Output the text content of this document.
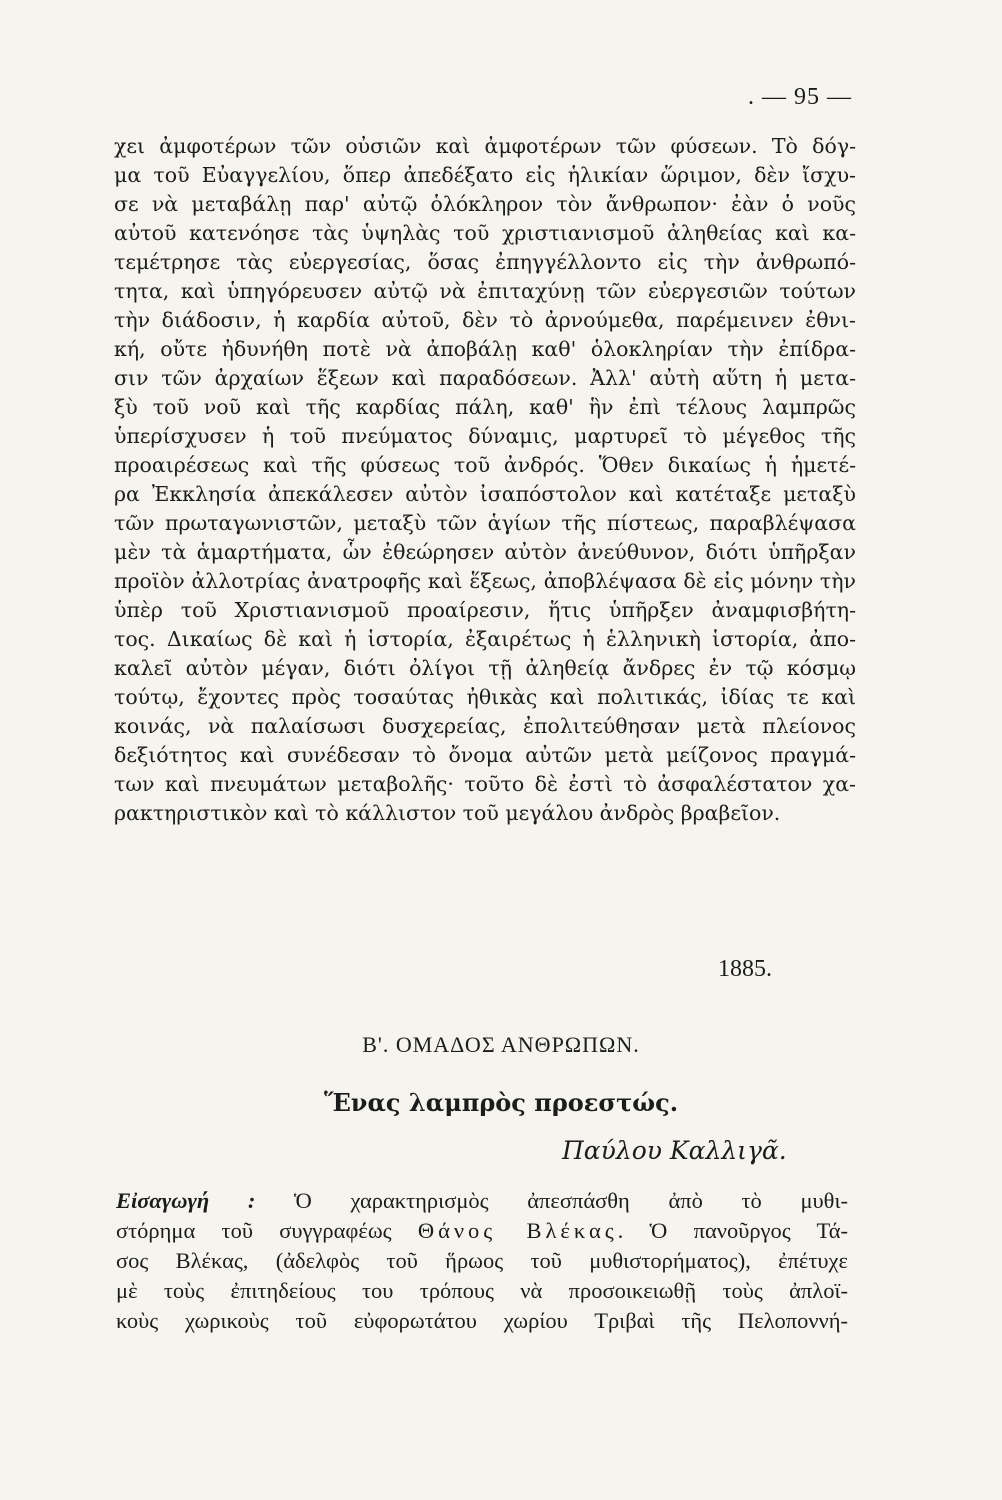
. — 95 —
χει ἀμφοτέρων τῶν οὐσιῶν καὶ ἀμφοτέρων τῶν φύσεων. Τὸ δόγ-
μα τοῦ Εὐαγγελίου, ὅπερ ἀπεδέξατο εἰς ἡλικίαν ὥριμον, δὲν ἴσχυ-
σε νὰ μεταβάλῃ παρ' αὐτῷ ὁλόκληρον τὸν ἄνθρωπον· ἐὰν ὁ νοῦς
αὐτοῦ κατενόησε τὰς ὑψηλὰς τοῦ χριστιανισμοῦ ἀληθείας καὶ κα-
τεμέτρησε τὰς εὐεργεσίας, ὅσας ἐπηγγέλλοντο εἰς τὴν ἀνθρωπό-
τητα, καὶ ὑπηγόρευσεν αὐτῷ νὰ ἐπιταχύνῃ τῶν εὐεργεσιῶν τούτων
τὴν διάδοσιν, ἡ καρδία αὐτοῦ, δὲν τὸ ἀρνούμεθα, παρέμεινεν ἐθνι-
κή, οὔτε ἠδυνήθη ποτὲ νὰ ἀποβάλῃ καθ' ὁλοκληρίαν τὴν ἐπίδρα-
σιν τῶν ἀρχαίων ἕξεων καὶ παραδόσεων. Ἀλλ' αὐτὴ αὕτη ἡ μετα-
ξὺ τοῦ νοῦ καὶ τῆς καρδίας πάλη, καθ' ἣν ἐπὶ τέλους λαμπρῶς
ὑπερίσχυσεν ἡ τοῦ πνεύματος δύναμις, μαρτυρεῖ τὸ μέγεθος τῆς
προαιρέσεως καὶ τῆς φύσεως τοῦ ἀνδρός. Ὅθεν δικαίως ἡ ἡμετέ-
ρα Ἐκκλησία ἀπεκάλεσεν αὐτὸν ἰσαπόστολον καὶ κατέταξε μεταξὺ
τῶν πρωταγωνιστῶν, μεταξὺ τῶν ἁγίων τῆς πίστεως, παραβλέψασα
μὲν τὰ ἁμαρτήματα, ὧν ἐθεώρησεν αὐτὸν ἀνεύθυνον, διότι ὑπῆρξαν
προϊὸν ἀλλοτρίας ἀνατροφῆς καὶ ἕξεως, ἀποβλέψασα δὲ εἰς μόνην τὴν
ὑπὲρ τοῦ Χριστιανισμοῦ προαίρεσιν, ἥτις ὑπῆρξεν ἀναμφισβήτη-
τος. Δικαίως δὲ καὶ ἡ ἱστορία, ἐξαιρέτως ἡ ἑλληνικὴ ἱστορία, ἀπο-
καλεῖ αὐτὸν μέγαν, διότι ὀλίγοι τῇ ἀληθείᾳ ἄνδρες ἐν τῷ κόσμῳ
τούτῳ, ἔχοντες πρὸς τοσαύτας ἠθικὰς καὶ πολιτικάς, ἰδίας τε καὶ
κοινάς, νὰ παλαίσωσι δυσχερείας, ἐπολιτεύθησαν μετὰ πλείονος
δεξιότητος καὶ συνέδεσαν τὸ ὄνομα αὐτῶν μετὰ μείζονος πραγμά-
των καὶ πνευμάτων μεταβολῆς· τοῦτο δὲ ἐστὶ τὸ ἀσφαλέστατον χα-
ρακτηριστικὸν καὶ τὸ κάλλιστον τοῦ μεγάλου ἀνδρὸς βραβεῖον.
1885.
Β'. ΟΜΑΔΟΣ ΑΝΘΡΩΠΩΝ.
Ἕνας λαμπρὸς προεστώς.
Παύλου Καλλιγᾶ.
Εἰσαγωγή : Ὁ χαρακτηρισμὸς ἀπεσπάσθη ἀπὸ τὸ μυθι-
στόρημα τοῦ συγγραφέως Θάνος Βλέκας. Ὁ πανοῦργος Τά-
σος Βλέκας, (ἀδελφὸς τοῦ ἥρωος τοῦ μυθιστορήματος), ἐπέτυχε
μὲ τοὺς ἐπιτηδείους του τρόπους νὰ προσοικειωθῇ τοὺς ἀπλοϊ-
κοὺς χωρικοὺς τοῦ εὐφορωτάτου χωρίου Τριβαὶ τῆς Πελοποννή-
